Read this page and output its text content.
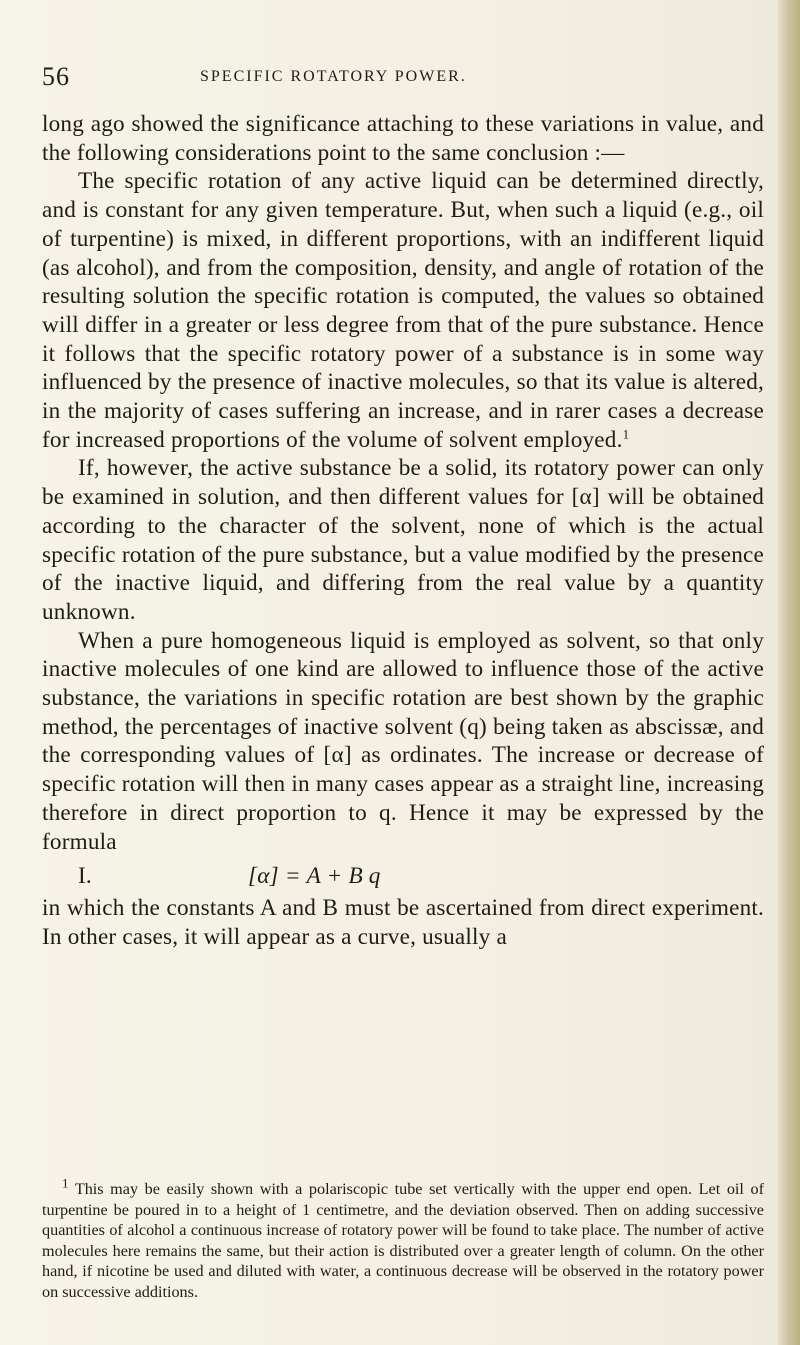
56	SPECIFIC ROTATORY POWER.

long ago showed the significance attaching to these variations in value, and the following considerations point to the same conclusion :—

The specific rotation of any active liquid can be determined directly, and is constant for any given temperature. But, when such a liquid (e.g., oil of turpentine) is mixed, in different proportions, with an indifferent liquid (as alcohol), and from the composition, density, and angle of rotation of the resulting solution the specific rotation is computed, the values so obtained will differ in a greater or less degree from that of the pure substance. Hence it follows that the specific rotatory power of a substance is in some way influenced by the presence of inactive molecules, so that its value is altered, in the majority of cases suffering an increase, and in rarer cases a decrease for increased proportions of the volume of solvent employed.$^1$

If, however, the active substance be a solid, its rotatory power can only be examined in solution, and then different values for [α] will be obtained according to the character of the solvent, none of which is the actual specific rotation of the pure substance, but a value modified by the presence of the inactive liquid, and differing from the real value by a quantity unknown.

When a pure homogeneous liquid is employed as solvent, so that only inactive molecules of one kind are allowed to influence those of the active substance, the variations in specific rotation are best shown by the graphic method, the percentages of inactive solvent (q) being taken as abscissæ, and the corresponding values of [α] as ordinates. The increase or decrease of specific rotation will then in many cases appear as a straight line, increasing therefore in direct proportion to q. Hence it may be expressed by the formula

I.	[α] = A + B q

in which the constants A and B must be ascertained from direct experiment. In other cases, it will appear as a curve, usually a

$^1$ This may be easily shown with a polariscopic tube set vertically with the upper end open. Let oil of turpentine be poured in to a height of 1 centimetre, and the deviation observed. Then on adding successive quantities of alcohol a continuous increase of rotatory power will be found to take place. The number of active molecules here remains the same, but their action is distributed over a greater length of column. On the other hand, if nicotine be used and diluted with water, a continuous decrease will be observed in the rotatory power on successive additions.
